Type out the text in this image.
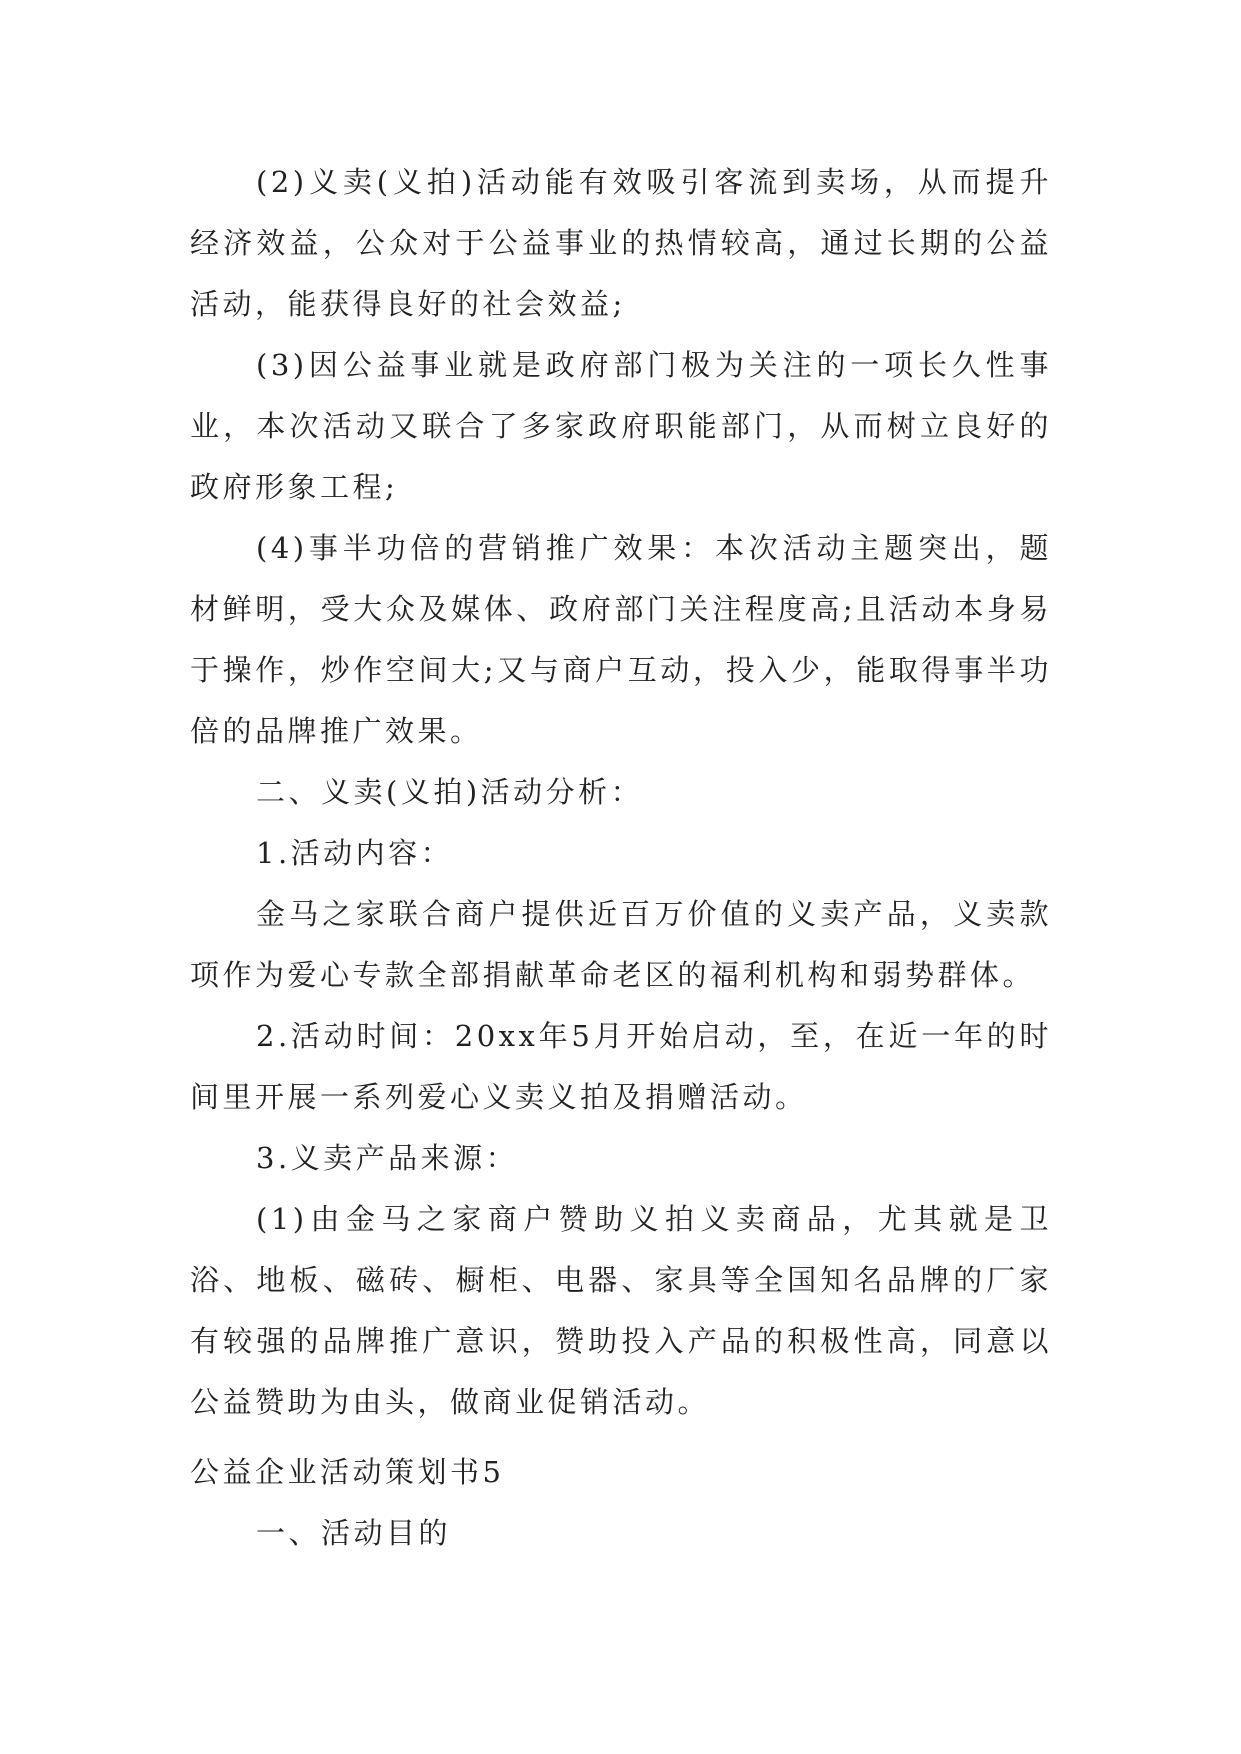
(2)义卖(义拍)活动能有效吸引客流到卖场，从而提升经济效益，公众对于公益事业的热情较高，通过长期的公益活动，能获得良好的社会效益;

(3)因公益事业就是政府部门极为关注的一项长久性事业，本次活动又联合了多家政府职能部门，从而树立良好的政府形象工程;

(4)事半功倍的营销推广效果：本次活动主题突出，题材鲜明，受大众及媒体、政府部门关注程度高;且活动本身易于操作，炒作空间大;又与商户互动，投入少，能取得事半功倍的品牌推广效果。

二、义卖(义拍)活动分析：

1.活动内容：

金马之家联合商户提供近百万价值的义卖产品，义卖款项作为爱心专款全部捐献革命老区的福利机构和弱势群体。

2.活动时间：20xx年5月开始启动，至，在近一年的时间里开展一系列爱心义卖义拍及捐赠活动。

3.义卖产品来源：

(1)由金马之家商户赞助义拍义卖商品，尤其就是卫浴、地板、磁砖、橱柜、电器、家具等全国知名品牌的厂家有较强的品牌推广意识，赞助投入产品的积极性高，同意以公益赞助为由头，做商业促销活动。

公益企业活动策划书5

一、活动目的
